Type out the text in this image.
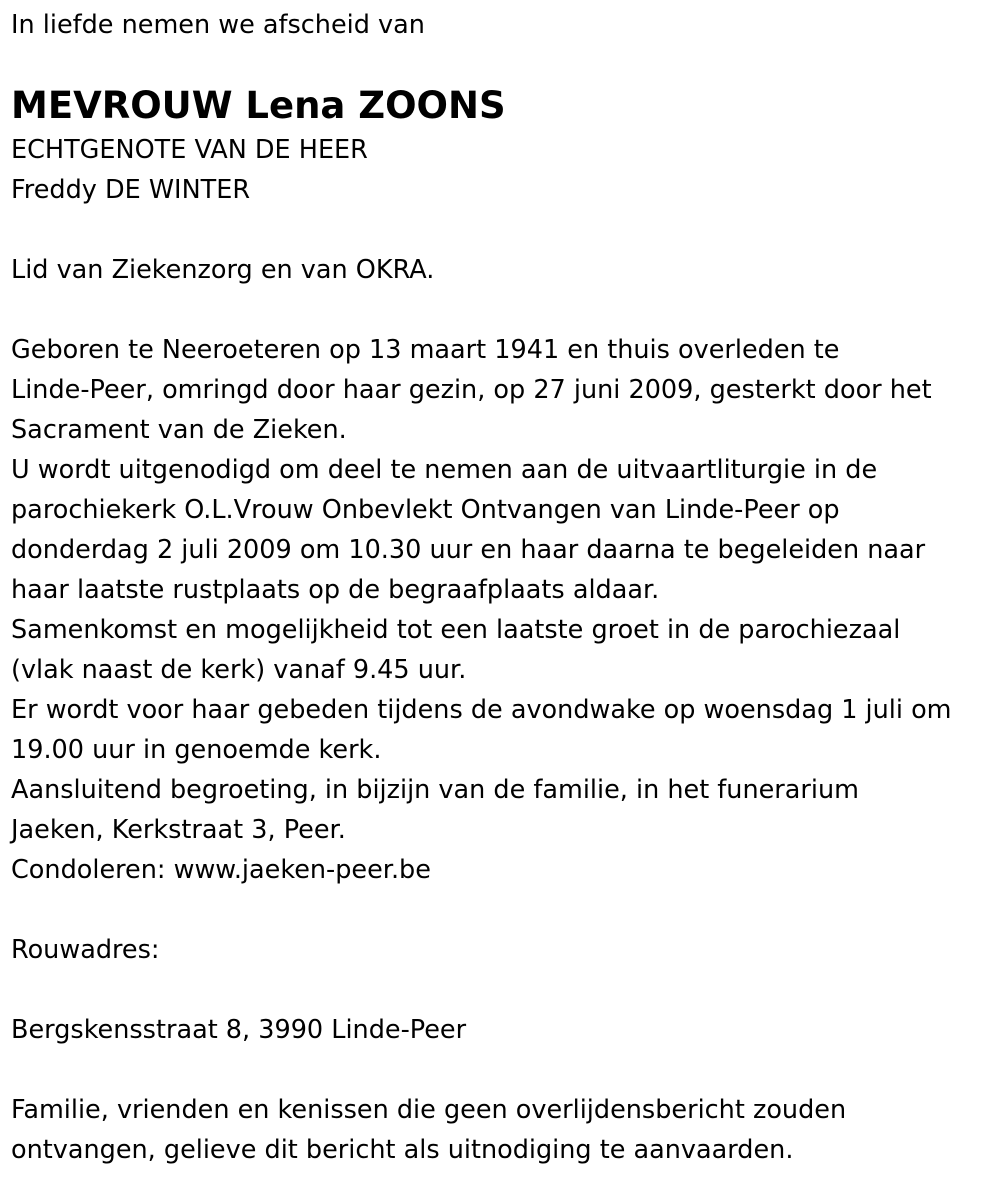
In liefde nemen we afscheid van
MEVROUW Lena ZOONS
ECHTGENOTE VAN DE HEER
Freddy DE WINTER
Lid van Ziekenzorg en van OKRA.
Geboren te Neeroeteren op 13 maart 1941 en thuis overleden te
Linde-Peer, omringd door haar gezin, op 27 juni 2009, gesterkt door het
Sacrament van de Zieken.
U wordt uitgenodigd om deel te nemen aan de uitvaartliturgie in de
parochiekerk O.L.Vrouw Onbevlekt Ontvangen van Linde-Peer op
donderdag 2 juli 2009 om 10.30 uur en haar daarna te begeleiden naar
haar laatste rustplaats op de begraafplaats aldaar.
Samenkomst en mogelijkheid tot een laatste groet in de parochiezaal
(vlak naast de kerk) vanaf 9.45 uur.
Er wordt voor haar gebeden tijdens de avondwake op woensdag 1 juli om
19.00 uur in genoemde kerk.
Aansluitend begroeting, in bijzijn van de familie, in het funerarium
Jaeken, Kerkstraat 3, Peer.
Condoleren: www.jaeken-peer.be
Rouwadres:
Bergskensstraat 8, 3990 Linde-Peer
Familie, vrienden en kenissen die geen overlijdensbericht zouden
ontvangen, gelieve dit bericht als uitnodiging te aanvaarden.
